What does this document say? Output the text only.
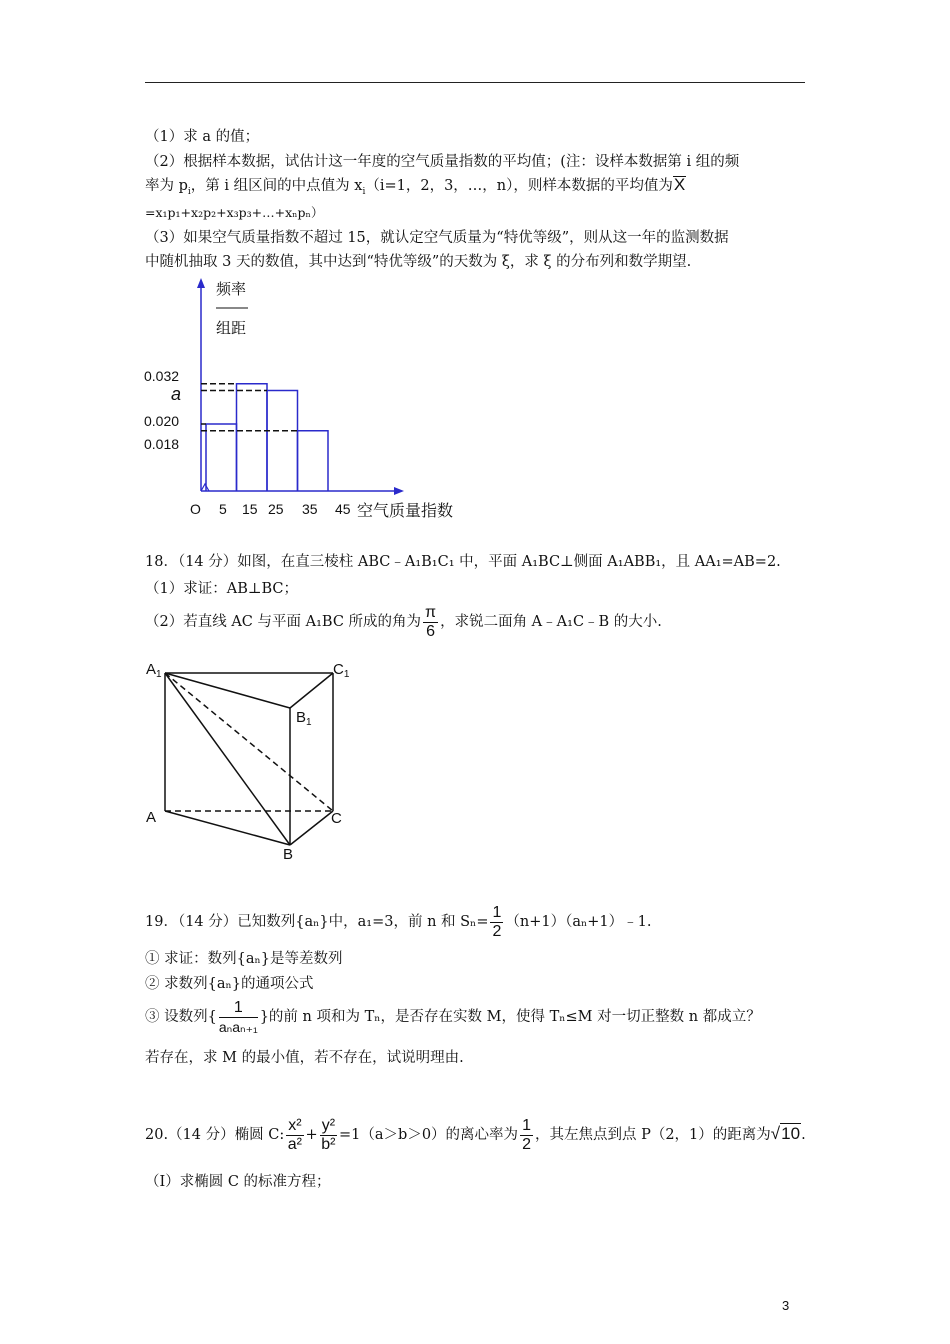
（1）求 a 的值；
（2）根据样本数据，试估计这一年度的空气质量指数的平均值；(注：设样本数据第 i 组的频
率为 $p_i$，第 i 组区间的中点值为 $x_i(i=1$，2，3，…，n），则样本数据的平均值为X
=x₁p₁+x₂p₂+x₃p₃+…+xₙpₙ）
（3）如果空气质量指数不超过 15，就认定空气质量为“特优等级”，则从这一年的监测数据
中随机抽取 3 天的数值，其中达到“特优等级”的天数为 ξ，求 ξ 的分布列和数学期望.
频率
组距
0.032
a
0.020
0.018
O 5 15 25 35 45 空气质量指数
18．（14 分）如图，在直三棱柱 ABC﹣A₁B₁C₁ 中，平面 A₁BC⊥侧面 A₁ABB₁，且 AA₁=AB=2.
（1）求证：AB⊥BC；
（2）若直线 AC 与平面 A₁BC 所成的角为 $\frac{\pi}{6}$ ，求锐二面角 A﹣A₁C﹣B 的大小.
$A_1$	$C_1$
$B_1$
A	C
B
19．（14 分）已知数列{aₙ}中，a₁=3，前 n 和 $S_n= \frac{1}{2}$ （n+1）（aₙ+1）﹣1.
① 求证：数列{aₙ}是等差数列
② 求数列{aₙ}的通项公式
③ 设数列{ $\frac{1}{\text{aₙaₙ₊₁}}$ }的前 n 项和为 Tₙ，是否存在实数 M，使得 Tₙ≤M 对一切正整数 n 都成立？
若存在，求 M 的最小值，若不存在，试说明理由.
20.（14 分）椭圆 C: $\frac{\text{x²}}{\text{a²}} + \frac{\text{y²}}{\text{b²}} =1(a>b>0)$的离心率为 $\frac{1}{2}$ ，其左焦点到点 P（2，1）的距离为√10.
（Ⅰ）求椭圆 C 的标准方程；
3
